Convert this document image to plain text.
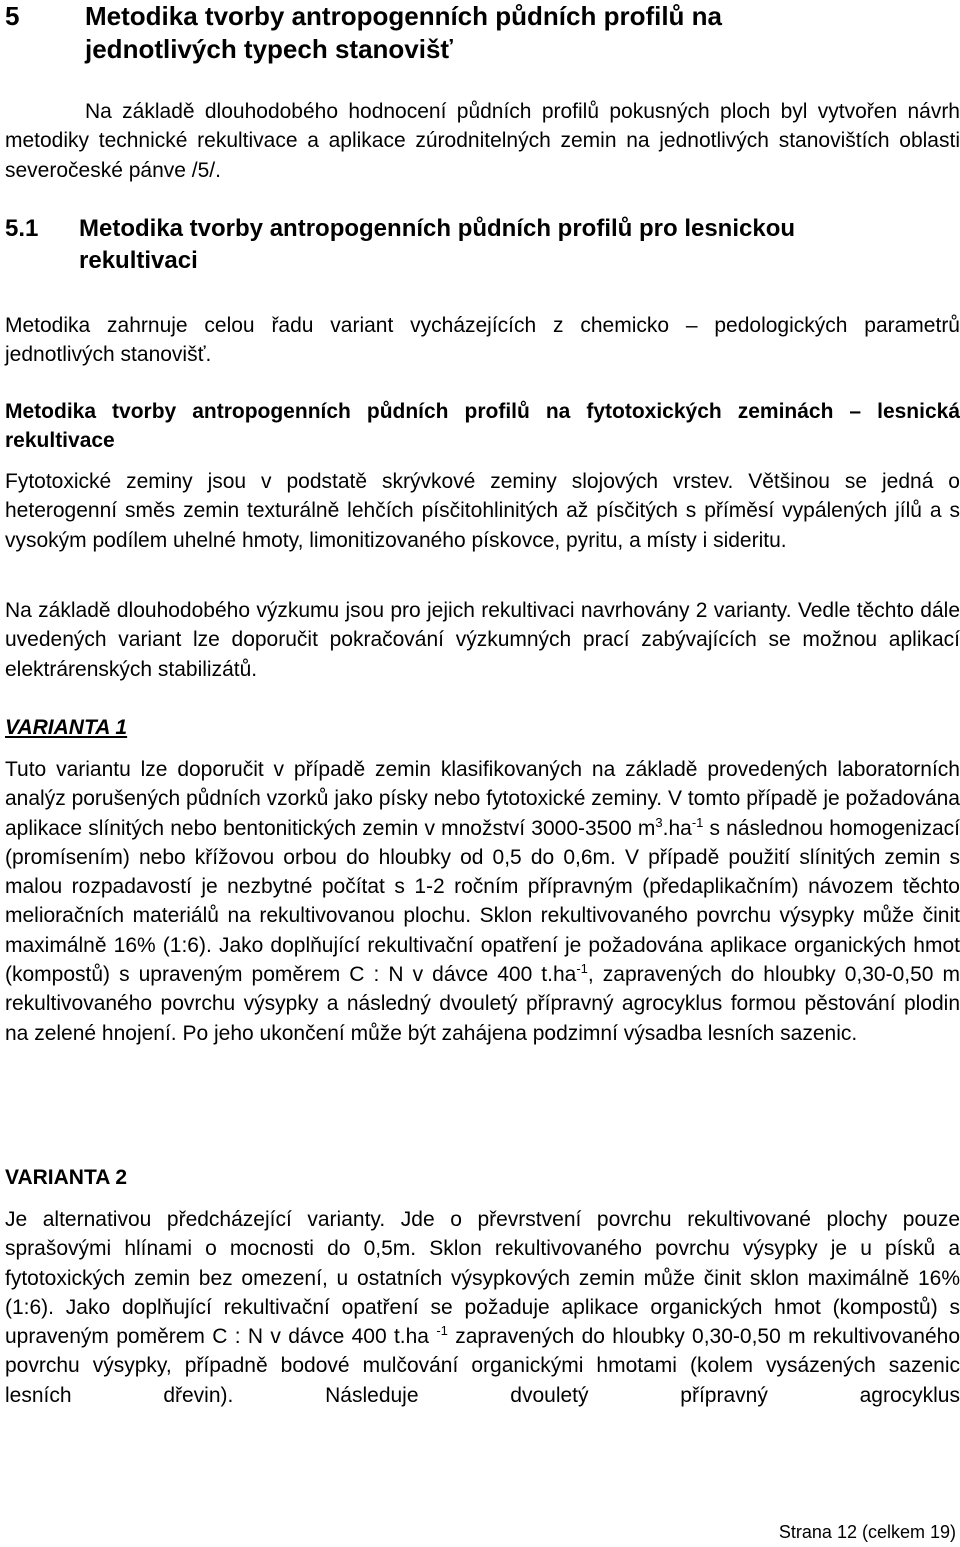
5	Metodika tvorby antropogenních půdních profilů na
jednotlivých typech stanovišť
Na základě dlouhodobého hodnocení půdních profilů pokusných ploch byl vytvořen návrh metodiky technické rekultivace a aplikace zúrodnitelných zemin na jednotlivých stanovištích oblasti severočeské pánve /5/.
5.1 Metodika tvorby antropogenních půdních profilů pro lesnickou
rekultivaci
Metodika zahrnuje celou řadu variant vycházejících z chemicko – pedologických parametrů jednotlivých stanovišť.
Metodika tvorby antropogenních půdních profilů na fytotoxických zeminách – lesnická rekultivace
Fytotoxické zeminy jsou v podstatě skrývkové zeminy slojových vrstev. Většinou se jedná o heterogenní směs zemin texturálně lehčích písčitohlinitých až písčitých s příměsí vypálených jílů a s vysokým podílem uhelné hmoty, limonitizovaného pískovce, pyritu, a místy i sideritu.
Na základě dlouhodobého výzkumu jsou pro jejich rekultivaci navrhovány 2 varianty. Vedle těchto dále uvedených variant lze doporučit pokračování výzkumných prací zabývajících se možnou aplikací elektrárenských stabilizátů.
VARIANTA 1
Tuto variantu lze doporučit v případě zemin klasifikovaných na základě provedených laboratorních analýz porušených půdních vzorků jako písky nebo fytotoxické zeminy. V tomto případě je požadována aplikace slínitých nebo bentonitických zemin v množství 3000-3500 $m^3.ha^{-1}$ s následnou homogenizací (promísením) nebo křížovou orbou do hloubky od 0,5 do 0,6m. V případě použití slínitých zemin s malou rozpadavostí je nezbytné počítat s 1-2 ročním přípravným (předaplikačním) návozem těchto melioračních materiálů na rekultivovanou plochu. Sklon rekultivovaného povrchu výsypky může činit maximálně 16% (1:6). Jako doplňující rekultivační opatření je požadována aplikace organických hmot (kompostů) s upraveným poměrem C : N v dávce 400 $t.ha^{-1}$, zapravených do hloubky 0,30-0,50 m rekultivovaného povrchu výsypky a následný dvouletý přípravný agrocyklus formou pěstování plodin na zelené hnojení. Po jeho ukončení může být zahájena podzimní výsadba lesních sazenic.
VARIANTA 2
Je alternativou předcházející varianty. Jde o převrstvení povrchu rekultivované plochy pouze sprašovými hlínami o mocnosti do 0,5m. Sklon rekultivovaného povrchu výsypky je u písků a fytotoxických zemin bez omezení, u ostatních výsypkových zemin může činit sklon maximálně 16% (1:6). Jako doplňující rekultivační opatření se požaduje aplikace organických hmot (kompostů) s upraveným poměrem C : N v dávce 400 t.ha $^{-1}$ zapravených do hloubky 0,30-0,50 m rekultivovaného povrchu výsypky, případně bodové mulčování organickými hmotami (kolem vysázených sazenic lesních dřevin). Následuje dvouletý přípravný agrocyklus
Strana 12 (celkem 19)
